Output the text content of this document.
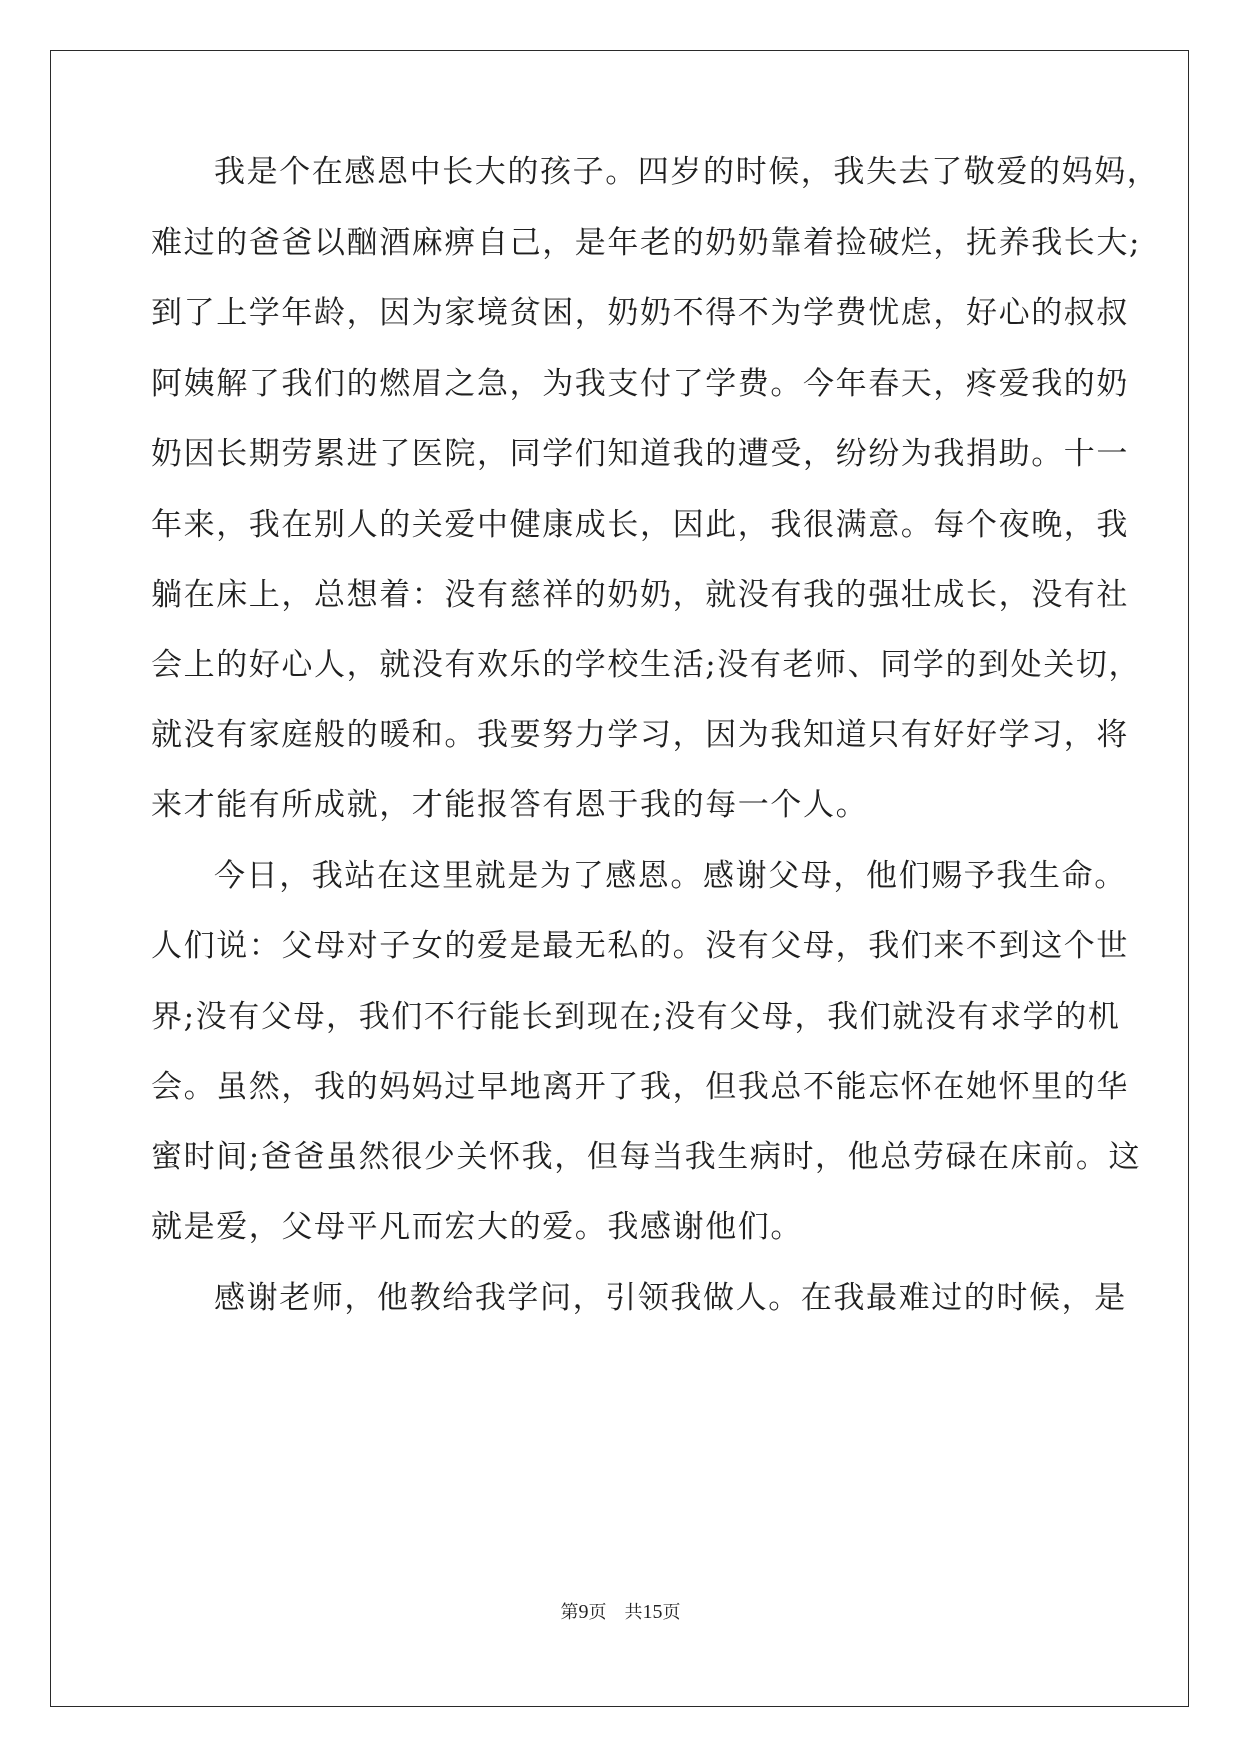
我是个在感恩中长大的孩子。四岁的时候，我失去了敬爱的妈妈，
难过的爸爸以酗酒麻痹自己，是年老的奶奶靠着捡破烂，抚养我长大;
到了上学年龄，因为家境贫困，奶奶不得不为学费忧虑，好心的叔叔
阿姨解了我们的燃眉之急，为我支付了学费。今年春天，疼爱我的奶
奶因长期劳累进了医院，同学们知道我的遭受，纷纷为我捐助。十一
年来，我在别人的关爱中健康成长，因此，我很满意。每个夜晚，我
躺在床上，总想着：没有慈祥的奶奶，就没有我的强壮成长，没有社
会上的好心人，就没有欢乐的学校生活;没有老师、同学的到处关切，
就没有家庭般的暖和。我要努力学习，因为我知道只有好好学习，将
来才能有所成就，才能报答有恩于我的每一个人。
今日，我站在这里就是为了感恩。感谢父母，他们赐予我生命。
人们说：父母对子女的爱是最无私的。没有父母，我们来不到这个世
界;没有父母，我们不行能长到现在;没有父母，我们就没有求学的机
会。虽然，我的妈妈过早地离开了我，但我总不能忘怀在她怀里的华
蜜时间;爸爸虽然很少关怀我，但每当我生病时，他总劳碌在床前。这
就是爱，父母平凡而宏大的爱。我感谢他们。
感谢老师，他教给我学问，引领我做人。在我最难过的时候，是
第9页　共15页
